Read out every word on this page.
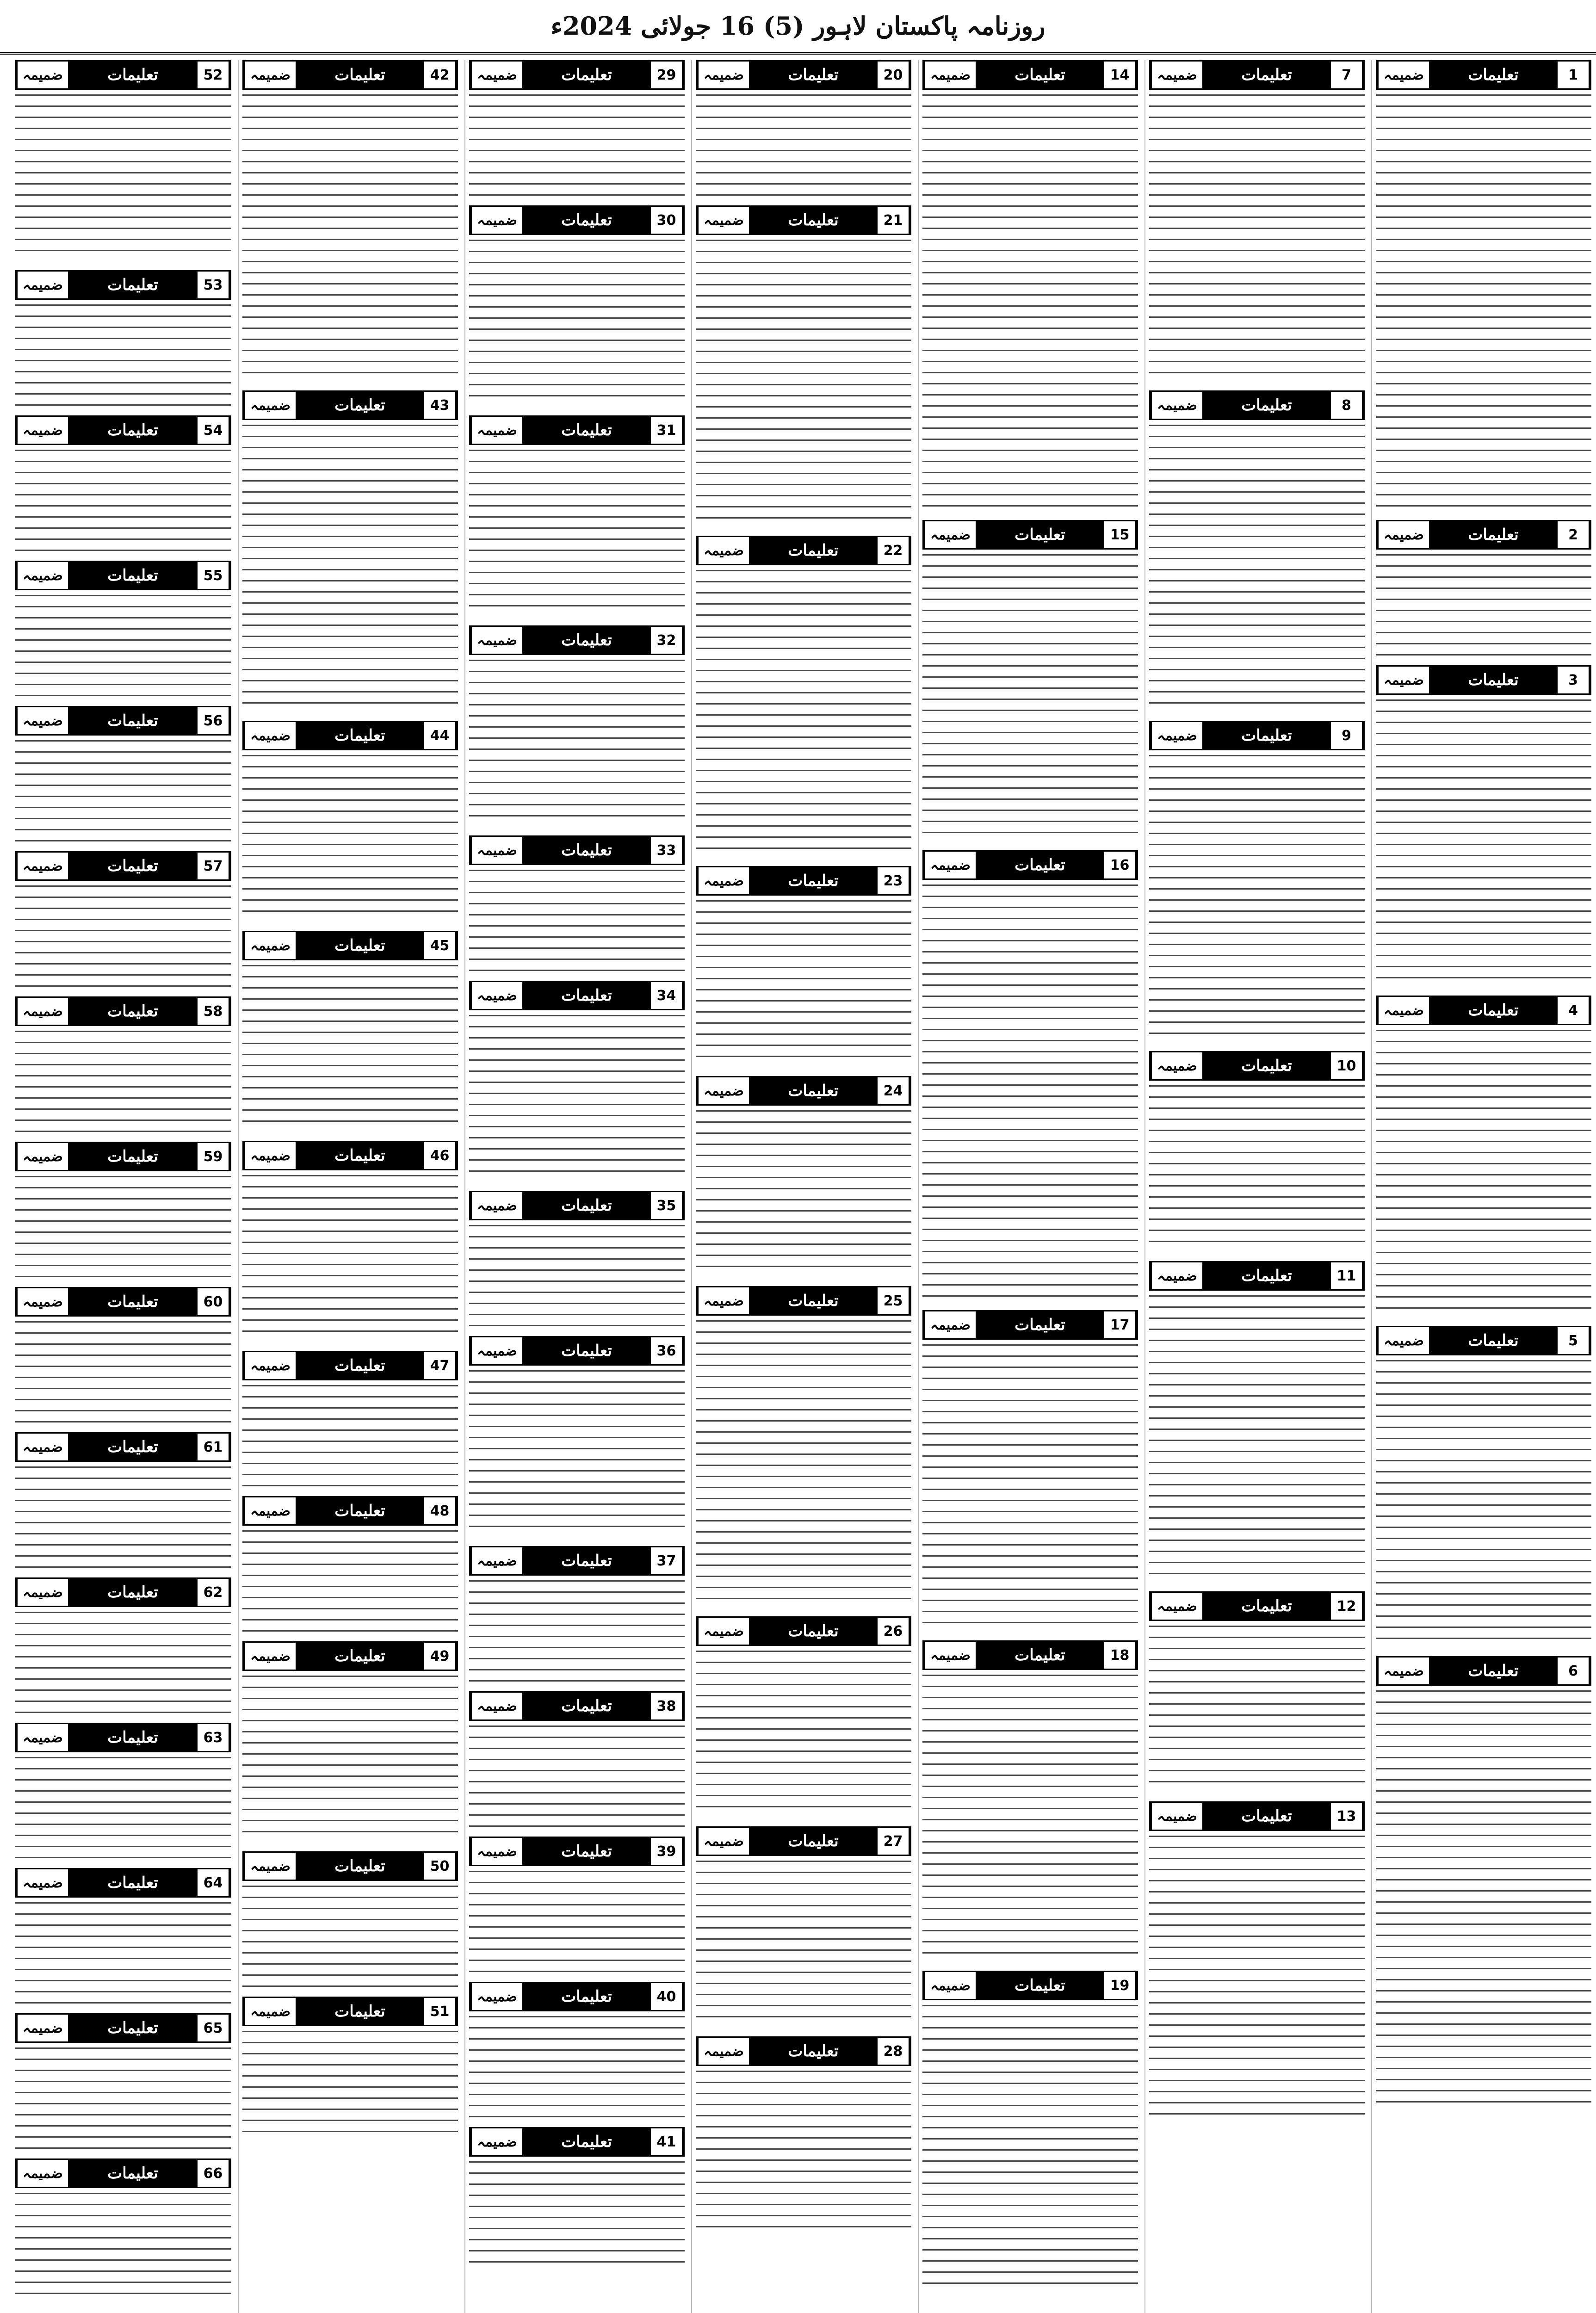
روزنامہ پاکستان لاہور (5) 16 جولائی 2024ء
1
تعلیمات
ضمیمہ
2
تعلیمات
ضمیمہ
3
تعلیمات
ضمیمہ
4
تعلیمات
ضمیمہ
5
تعلیمات
ضمیمہ
6
تعلیمات
ضمیمہ
7
تعلیمات
ضمیمہ
8
تعلیمات
ضمیمہ
9
تعلیمات
ضمیمہ
10
تعلیمات
ضمیمہ
11
تعلیمات
ضمیمہ
12
تعلیمات
ضمیمہ
13
تعلیمات
ضمیمہ
14
تعلیمات
ضمیمہ
15
تعلیمات
ضمیمہ
16
تعلیمات
ضمیمہ
17
تعلیمات
ضمیمہ
18
تعلیمات
ضمیمہ
19
تعلیمات
ضمیمہ
20
تعلیمات
ضمیمہ
21
تعلیمات
ضمیمہ
22
تعلیمات
ضمیمہ
23
تعلیمات
ضمیمہ
24
تعلیمات
ضمیمہ
25
تعلیمات
ضمیمہ
26
تعلیمات
ضمیمہ
27
تعلیمات
ضمیمہ
28
تعلیمات
ضمیمہ
29
تعلیمات
ضمیمہ
30
تعلیمات
ضمیمہ
31
تعلیمات
ضمیمہ
32
تعلیمات
ضمیمہ
33
تعلیمات
ضمیمہ
34
تعلیمات
ضمیمہ
35
تعلیمات
ضمیمہ
36
تعلیمات
ضمیمہ
37
تعلیمات
ضمیمہ
38
تعلیمات
ضمیمہ
39
تعلیمات
ضمیمہ
40
تعلیمات
ضمیمہ
41
تعلیمات
ضمیمہ
42
تعلیمات
ضمیمہ
43
تعلیمات
ضمیمہ
44
تعلیمات
ضمیمہ
45
تعلیمات
ضمیمہ
46
تعلیمات
ضمیمہ
47
تعلیمات
ضمیمہ
48
تعلیمات
ضمیمہ
49
تعلیمات
ضمیمہ
50
تعلیمات
ضمیمہ
51
تعلیمات
ضمیمہ
52
تعلیمات
ضمیمہ
53
تعلیمات
ضمیمہ
54
تعلیمات
ضمیمہ
55
تعلیمات
ضمیمہ
56
تعلیمات
ضمیمہ
57
تعلیمات
ضمیمہ
58
تعلیمات
ضمیمہ
59
تعلیمات
ضمیمہ
60
تعلیمات
ضمیمہ
61
تعلیمات
ضمیمہ
62
تعلیمات
ضمیمہ
63
تعلیمات
ضمیمہ
64
تعلیمات
ضمیمہ
65
تعلیمات
ضمیمہ
66
تعلیمات
ضمیمہ
